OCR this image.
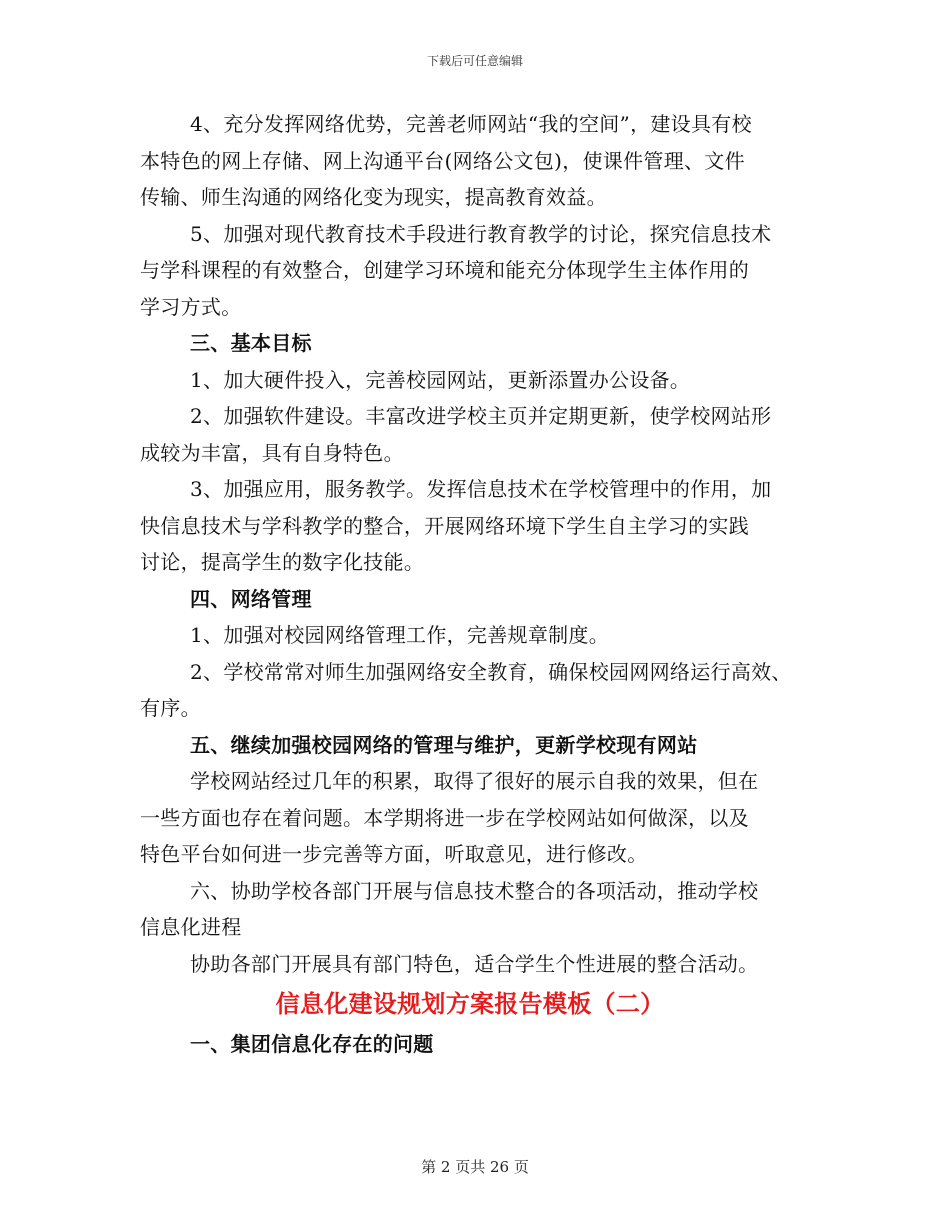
下载后可任意编辑
4、充分发挥网络优势，完善老师网站“我的空间”，建设具有校
本特色的网上存储、网上沟通平台(网络公文包)，使课件管理、文件
传输、师生沟通的网络化变为现实，提高教育效益。
5、加强对现代教育技术手段进行教育教学的讨论，探究信息技术
与学科课程的有效整合，创建学习环境和能充分体现学生主体作用的
学习方式。
三、基本目标
1、加大硬件投入，完善校园网站，更新添置办公设备。
2、加强软件建设。丰富改进学校主页并定期更新，使学校网站形
成较为丰富，具有自身特色。
3、加强应用，服务教学。发挥信息技术在学校管理中的作用，加
快信息技术与学科教学的整合，开展网络环境下学生自主学习的实践
讨论，提高学生的数字化技能。
四、网络管理
1、加强对校园网络管理工作，完善规章制度。
2、学校常常对师生加强网络安全教育，确保校园网网络运行高效、
有序。
五、继续加强校园网络的管理与维护，更新学校现有网站
学校网站经过几年的积累，取得了很好的展示自我的效果，但在
一些方面也存在着问题。本学期将进一步在学校网站如何做深，以及
特色平台如何进一步完善等方面，听取意见，进行修改。
六、协助学校各部门开展与信息技术整合的各项活动，推动学校
信息化进程
协助各部门开展具有部门特色，适合学生个性进展的整合活动。
信息化建设规划方案报告模板（二）
一、集团信息化存在的问题
第 2 页共 26 页
